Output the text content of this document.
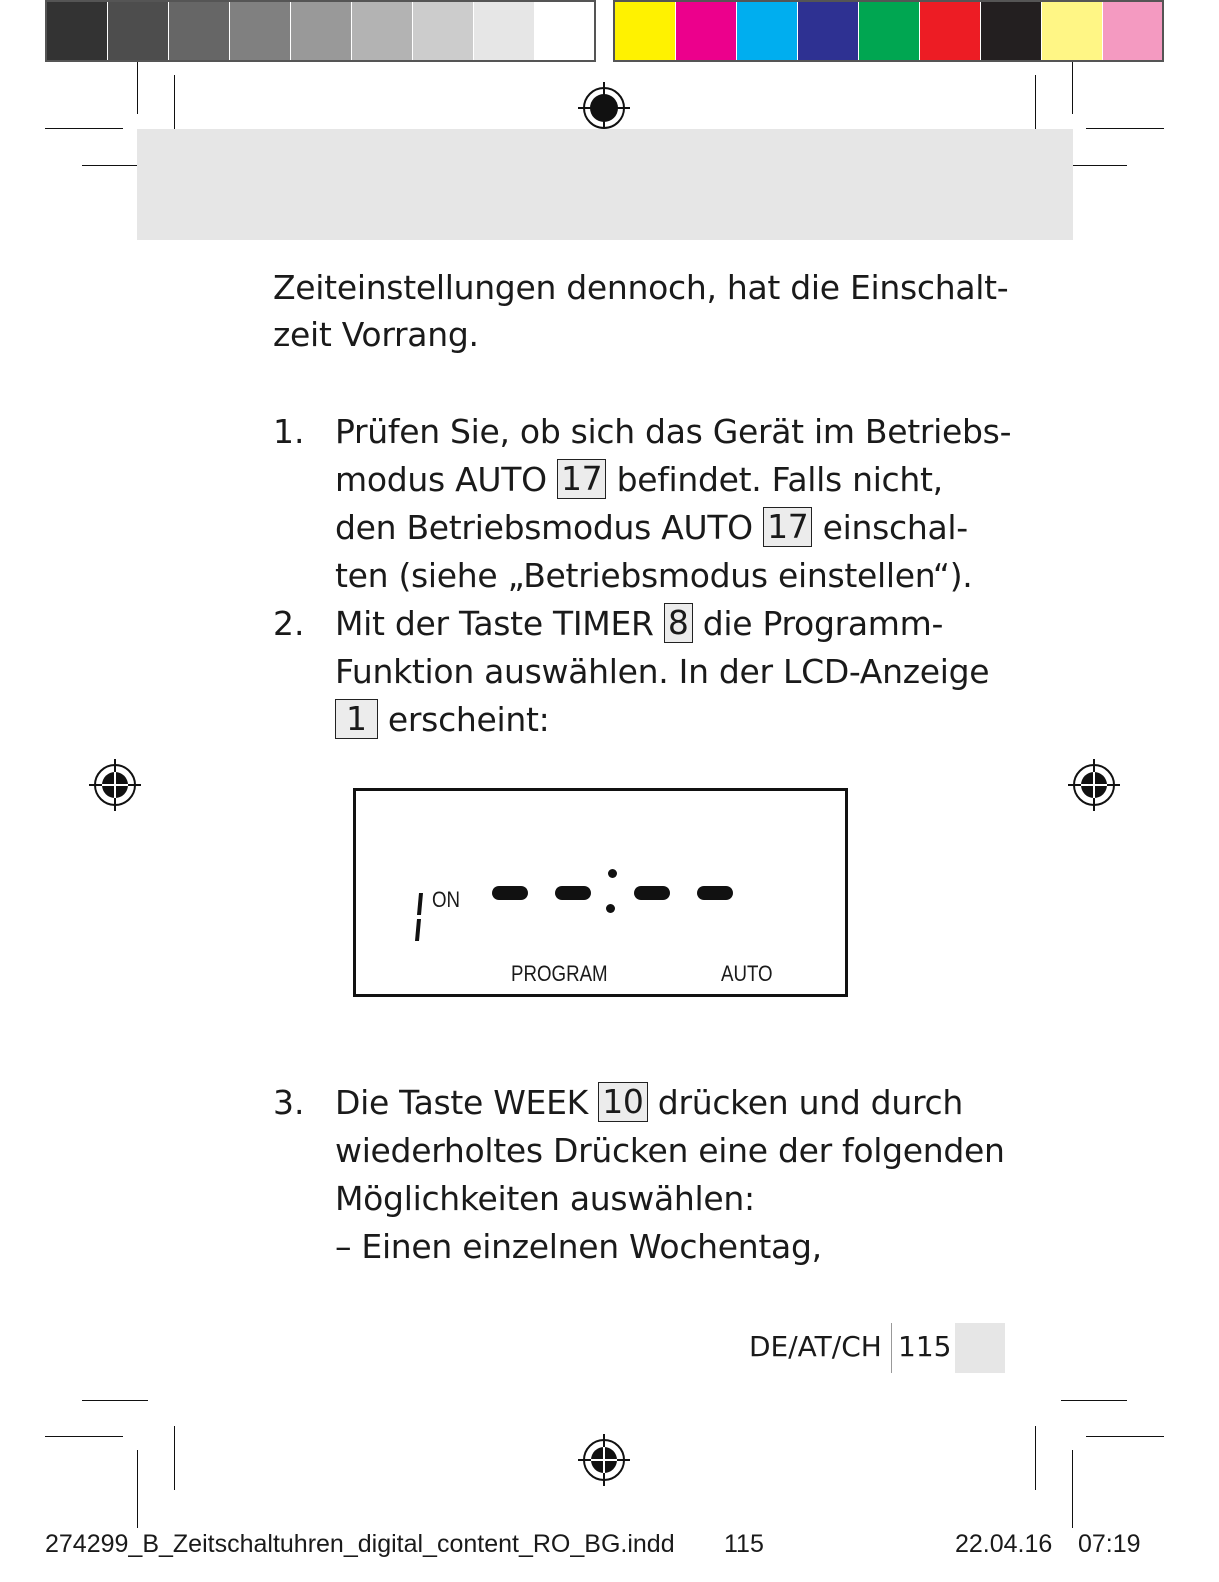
Zeiteinstellungen dennoch, hat die Einschalt-
zeit Vorrang.
1. Prüfen Sie, ob sich das Gerät im Betriebs-
modus AUTO 17 befindet. Falls nicht,
den Betriebsmodus AUTO 17 einschal-
ten (siehe „Betriebsmodus einstellen“).
2. Mit der Taste TIMER 8 die Programm-
Funktion auswählen. In der LCD-Anzeige
1 erscheint:
ON
PROGRAM	AUTO
3. Die Taste WEEK 10 drücken und durch
wiederholtes Drücken eine der folgenden
Möglichkeiten auswählen:
– Einen einzelnen Wochentag,
DE/AT/CH 115
274299_B_Zeitschaltuhren_digital_content_RO_BG.indd 115	22.04.16 07:19
